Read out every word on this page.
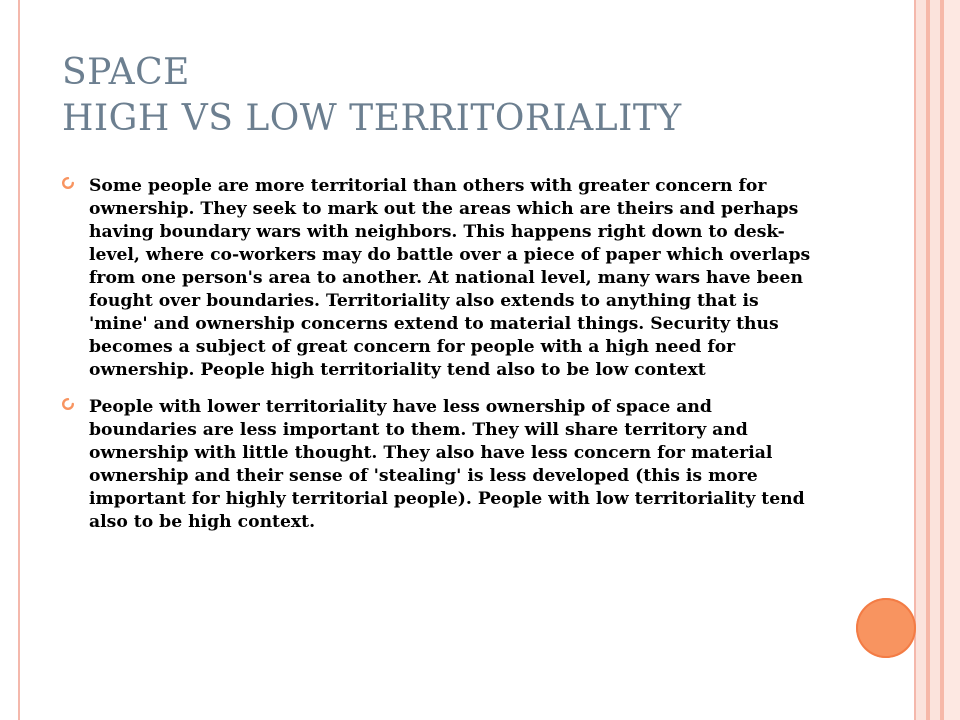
SPACE
HIGH VS LOW TERRITORIALITY
Some people are more territorial than others with greater concern for ownership. They seek to mark out the areas which are theirs and perhaps having boundary wars with neighbors. This happens right down to desk-level, where co-workers may do battle over a piece of paper which overlaps from one person's area to another. At national level, many wars have been fought over boundaries. Territoriality also extends to anything that is 'mine' and ownership concerns extend to material things. Security thus becomes a subject of great concern for people with a high need for ownership. People high territoriality tend also to be low context
People with lower territoriality have less ownership of space and boundaries are less important to them. They will share territory and ownership with little thought. They also have less concern for material ownership and their sense of 'stealing' is less developed (this is more important for highly territorial people). People with low territoriality tend also to be high context.
